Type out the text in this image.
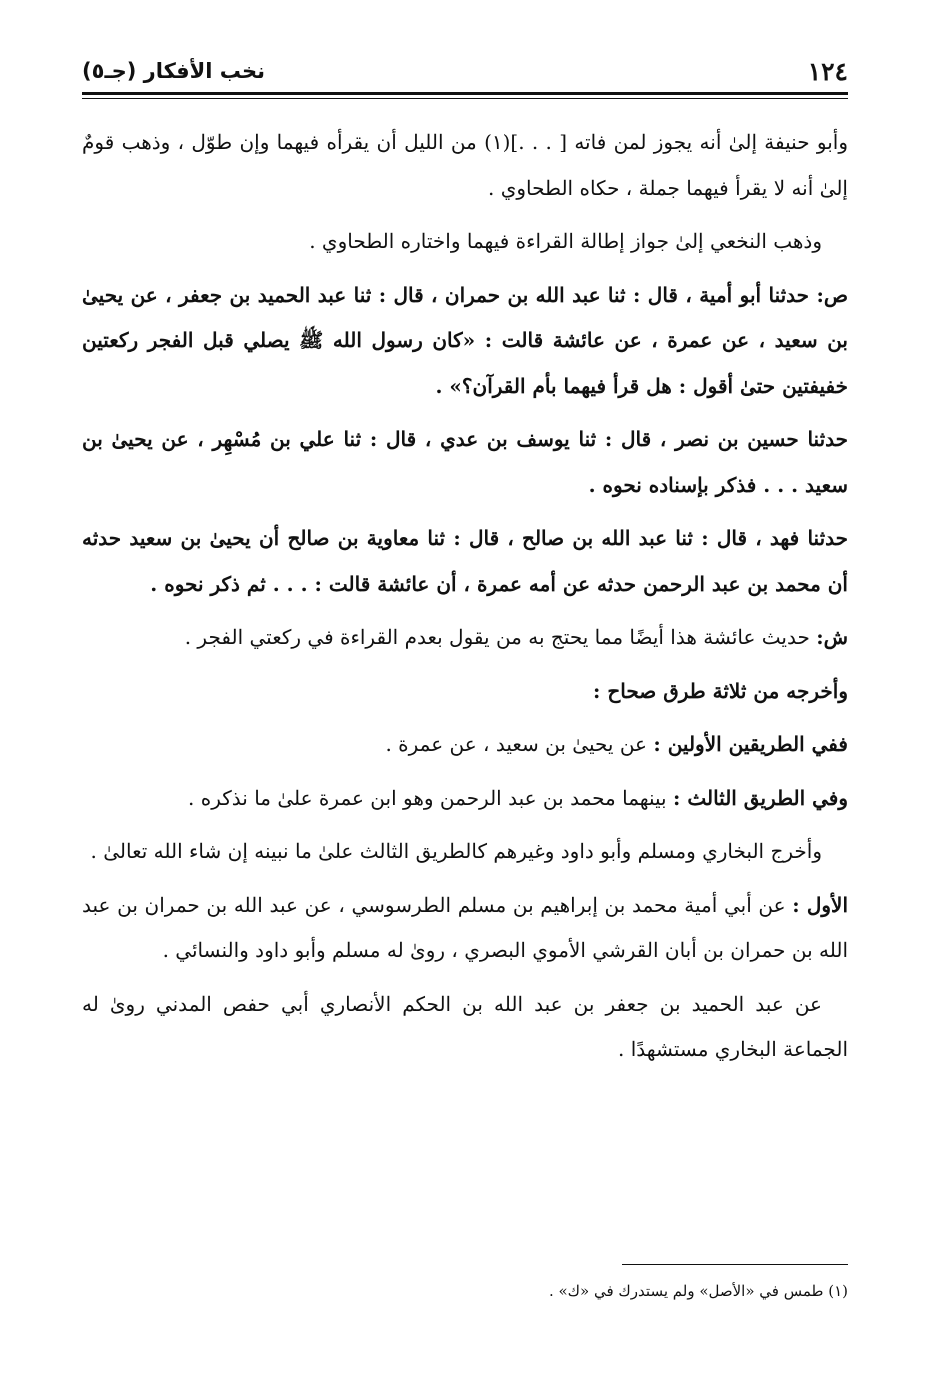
١٢٤
نخب الأفكار (جـ٥)

وأبو حنيفة إلىٰ أنه يجوز لمن فاته [ . . .](١) من الليل أن يقرأه فيهما وإن طوّل ، وذهب قومٌ إلىٰ أنه لا يقرأ فيهما جملة ، حكاه الطحاوي .

وذهب النخعي إلىٰ جواز إطالة القراءة فيهما واختاره الطحاوي .

ص: حدثنا أبو أمية ، قال : ثنا عبد الله بن حمران ، قال : ثنا عبد الحميد بن جعفر ، عن يحيىٰ بن سعيد ، عن عمرة ، عن عائشة قالت : «كان رسول الله ﷺ يصلي قبل الفجر ركعتين خفيفتين حتىٰ أقول : هل قرأ فيهما بأم القرآن؟» .

حدثنا حسين بن نصر ، قال : ثنا يوسف بن عدي ، قال : ثنا علي بن مُسْهِر ، عن يحيىٰ بن سعيد . . . فذكر بإسناده نحوه .

حدثنا فهد ، قال : ثنا عبد الله بن صالح ، قال : ثنا معاوية بن صالح أن يحيىٰ بن سعيد حدثه أن محمد بن عبد الرحمن حدثه عن أمه عمرة ، أن عائشة قالت : . . . ثم ذكر نحوه .

ش: حديث عائشة هذا أيضًا مما يحتج به من يقول بعدم القراءة في ركعتي الفجر .

وأخرجه من ثلاثة طرق صحاح :

ففي الطريقين الأولين : عن يحيىٰ بن سعيد ، عن عمرة .

وفي الطريق الثالث : بينهما محمد بن عبد الرحمن وهو ابن عمرة علىٰ ما نذكره .

وأخرج البخاري ومسلم وأبو داود وغيرهم كالطريق الثالث علىٰ ما نبينه إن شاء الله تعالىٰ .

الأول : عن أبي أمية محمد بن إبراهيم بن مسلم الطرسوسي ، عن عبد الله بن حمران بن عبد الله بن حمران بن أبان القرشي الأموي البصري ، روىٰ له مسلم وأبو داود والنسائي .

عن عبد الحميد بن جعفر بن عبد الله بن الحكم الأنصاري أبي حفص المدني روىٰ له الجماعة البخاري مستشهدًا .

(١) طمس في «الأصل» ولم يستدرك في «ك» .
